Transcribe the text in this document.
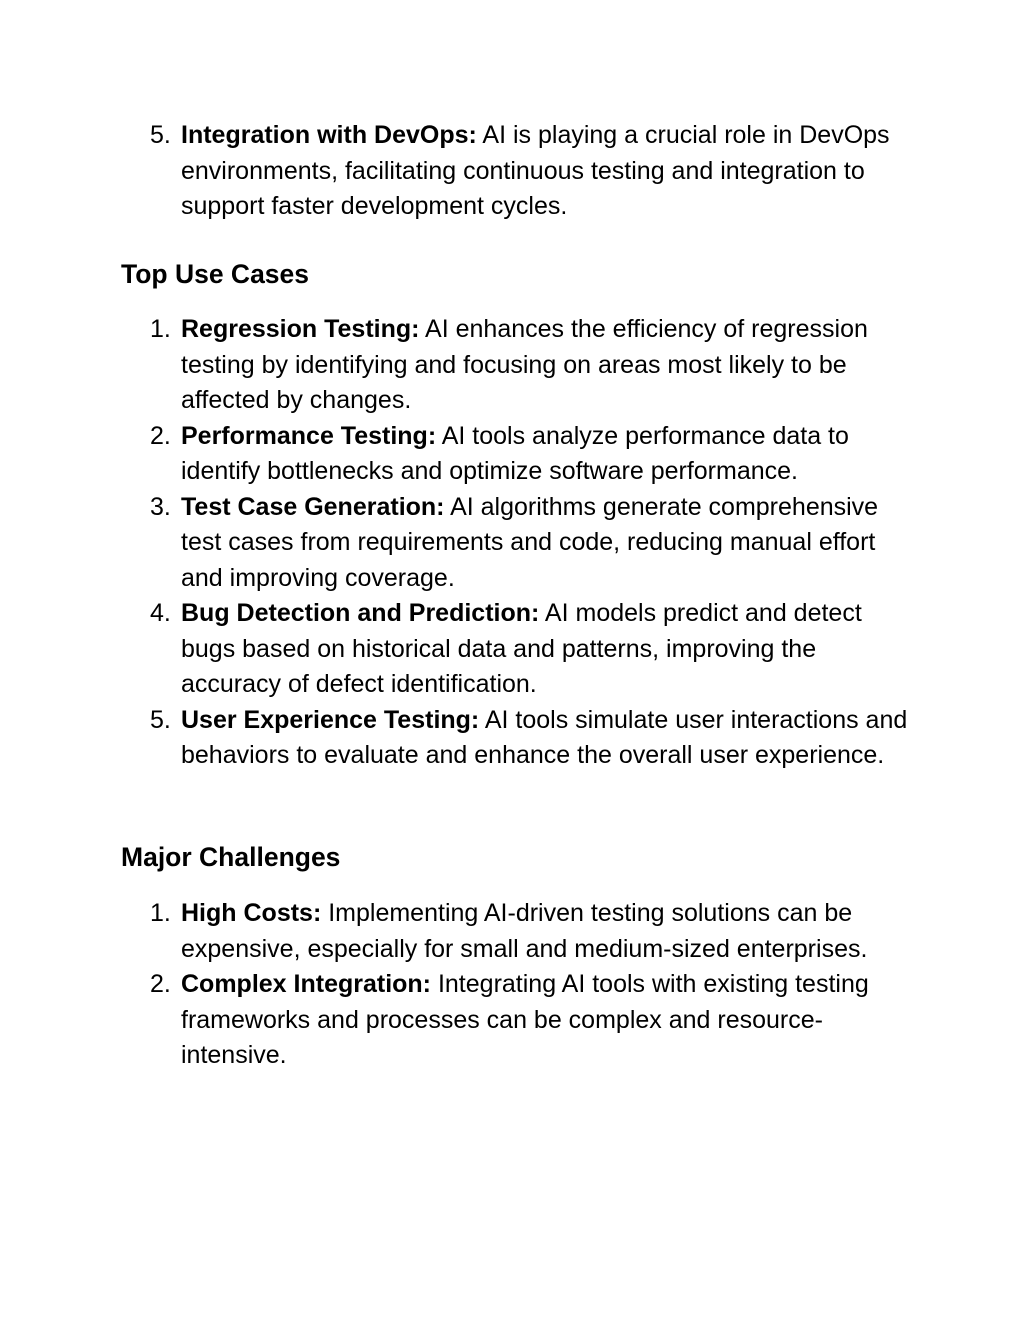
5. Integration with DevOps: AI is playing a crucial role in DevOps environments, facilitating continuous testing and integration to support faster development cycles.
Top Use Cases
1. Regression Testing: AI enhances the efficiency of regression testing by identifying and focusing on areas most likely to be affected by changes.
2. Performance Testing: AI tools analyze performance data to identify bottlenecks and optimize software performance.
3. Test Case Generation: AI algorithms generate comprehensive test cases from requirements and code, reducing manual effort and improving coverage.
4. Bug Detection and Prediction: AI models predict and detect bugs based on historical data and patterns, improving the accuracy of defect identification.
5. User Experience Testing: AI tools simulate user interactions and behaviors to evaluate and enhance the overall user experience.
Major Challenges
1. High Costs: Implementing AI-driven testing solutions can be expensive, especially for small and medium-sized enterprises.
2. Complex Integration: Integrating AI tools with existing testing frameworks and processes can be complex and resource-intensive.
